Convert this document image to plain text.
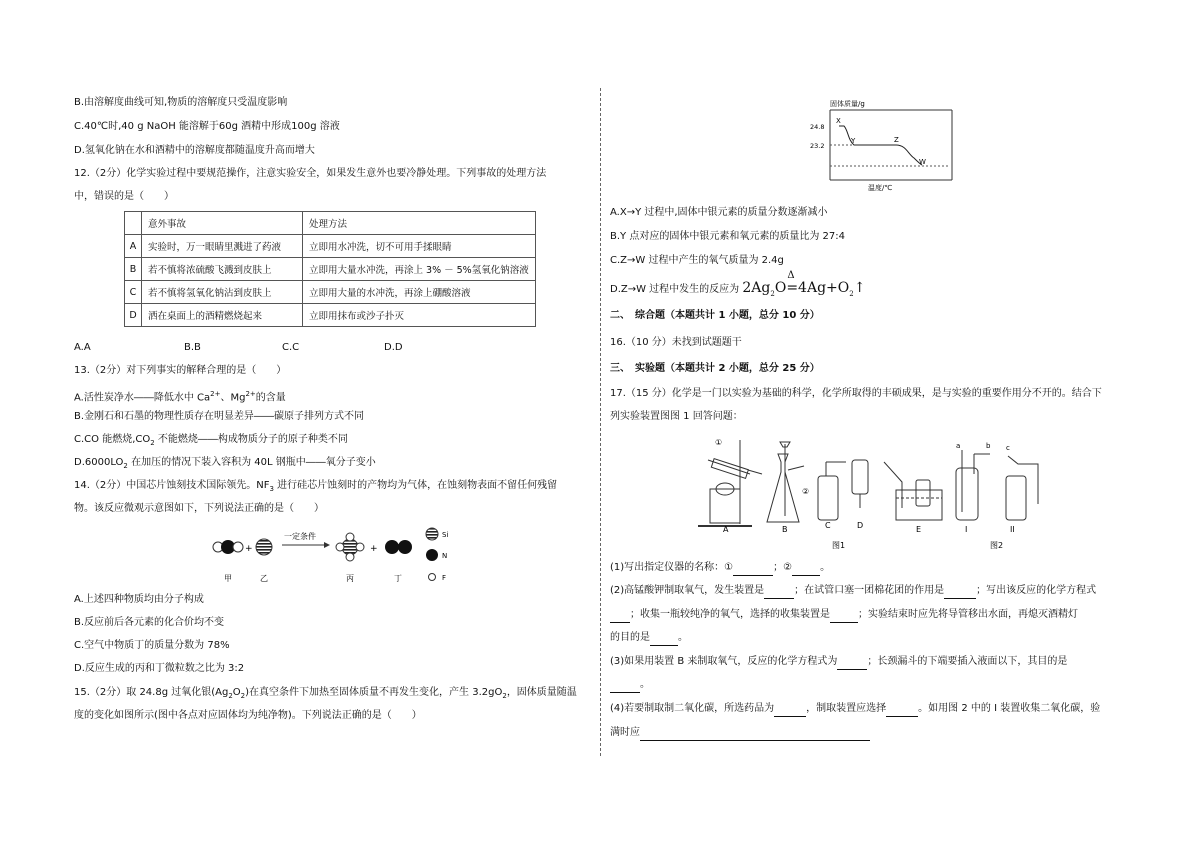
B.由溶解度曲线可知,物质的溶解度只受温度影响
C.40℃时,40 g NaOH 能溶解于60g 酒精中形成100g 溶液
D.氢氧化钠在水和酒精中的溶解度都随温度升高而增大
12.（2分）化学实验过程中要规范操作，注意实验安全，如果发生意外也要冷静处理。下列事故的处理方法
中，错误的是（　　）
	意外事故	处理方法
A	实验时，万一眼睛里溅进了药液	立即用水冲洗，切不可用手揉眼睛
B	若不慎将浓硫酸飞溅到皮肤上	立即用大量水冲洗，再涂上 3% － 5%氢氧化钠溶液
C	若不慎将氢氧化钠沾到皮肤上	立即用大量的水冲洗，再涂上硼酸溶液
D	洒在桌面上的酒精燃烧起来	立即用抹布或沙子扑灭
A.A	B.B	C.C	D.D
13.（2分）对下列事实的解释合理的是（　　）
A.活性炭净水――降低水中 $Ca^{2+}$、$Mg^{2+}$的含量
B.金刚石和石墨的物理性质存在明显差异――碳原子排列方式不同
C.CO 能燃烧$,CO_2$ 不能燃烧――构成物质分子的原子种类不同
$D.6000LO_2$ 在加压的情况下装入容积为 40L 钢瓶中――氧分子变小
14.（2分）中国芯片蚀刻技术国际领先。$NF_3$ 进行硅芯片蚀刻时的产物均为气体，在蚀刻物表面不留任何残留
物。该反应微观示意图如下，下列说法正确的是（　　）
+
一定条件
+
Si
N
F
甲	乙	丙	丁
A.上述四种物质均由分子构成
B.反应前后各元素的化合价均不变
C.空气中物质丁的质量分数为 78%
D.反应生成的丙和丁微粒数之比为 3:2
15.（2分）取 24.8g 过氧化银$(Ag_2O_2)$在真空条件下加热至固体质量不再发生变化，产生 $3.2gO_2$，固体质量随温
度的变化如图所示(图中各点对应固体均为纯净物)。下列说法正确的是（　　）
固体质量/g
24.8
23.2
X
Y	Z
W
温度/℃
A.X→Y 过程中,固体中银元素的质量分数逐渐减小
B.Y 点对应的固体中银元素和氧元素的质量比为 27:4
C.Z→W 过程中产生的氧气质量为 2.4g
D.Z→W 过程中发生的反应为 $2Ag_2O$
Δ
$=4Ag+O_2↑$
二、　综合题（本题共计 1 小题，总分 10 分）
16.（10 分）未找到试题题干
三、　实验题（本题共计 2 小题，总分 25 分）
17.（15 分）化学是一门以实验为基础的科学，化学所取得的丰硕成果，是与实验的重要作用分不开的。结合下
列实验装置图图 1 回答问题：
①
②
a	b c
A	B	C	D	E	I	II
图1	图2
(1)写出指定仪器的名称：①	；②	。
(2)高锰酸钾制取氧气，发生装置是	；在试管口塞一团棉花团的作用是	；写出该反应的化学方程式
；收集一瓶较纯净的氧气，选择的收集装置是	；实验结束时应先将导管移出水面，再熄灭酒精灯
的目的是	。
(3)如果用装置 B 来制取氧气，反应的化学方程式为	；长颈漏斗的下端要插入液面以下，其目的是
。
(4)若要制取制二氧化碳，所选药品为	，制取装置应选择	。如用图 2 中的 I 装置收集二氧化碳，验
满时应
